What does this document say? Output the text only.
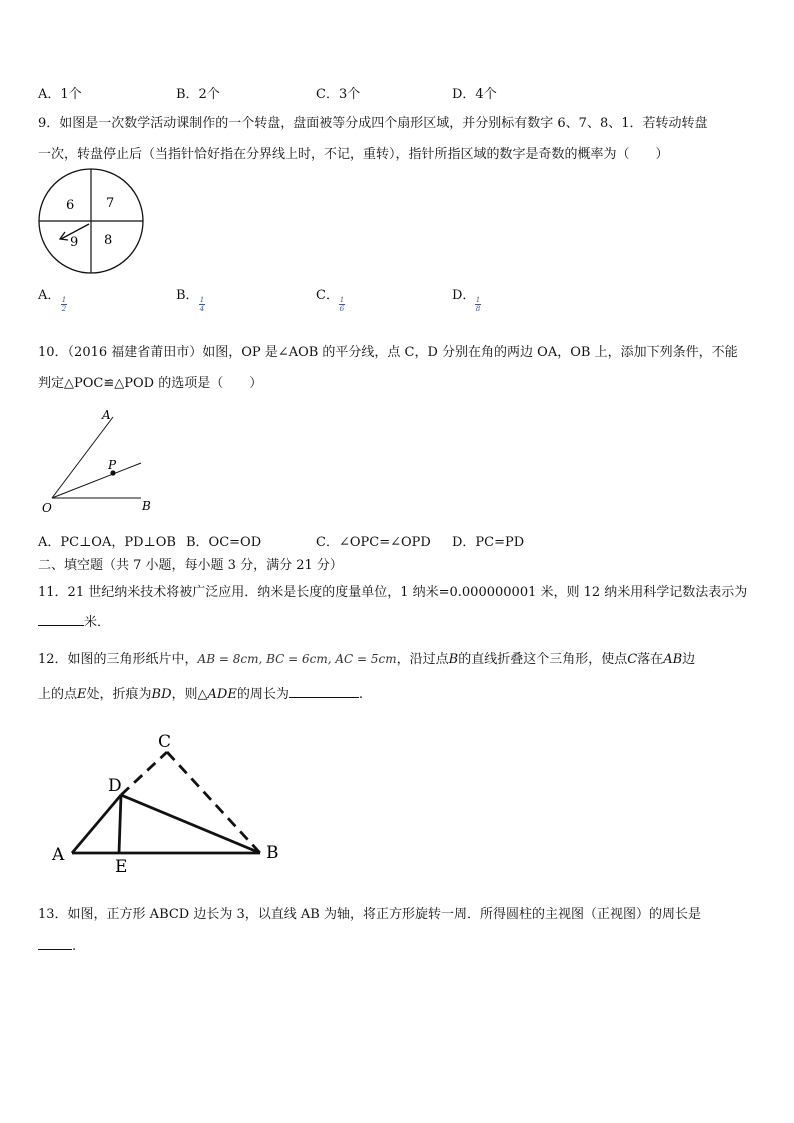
A．1个	B．2个	C．3个	D．4个
9．如图是一次数学活动课制作的一个转盘，盘面被等分成四个扇形区域，并分别标有数字 6、7、8、1．若转动转盘
一次，转盘停止后（当指针恰好指在分界线上时，不记，重转），指针所指区域的数字是奇数的概率为（　　）
6 7
9 8
A． 1
2
B． 1
4
C． 1
6
D． 1
8
10．（2016 福建省莆田市）如图，OP 是∠AOB 的平分线，点 C，D 分别在角的两边 OA，OB 上，添加下列条件，不能
判定△POC≌△POD 的选项是（　　）
A
P
O	B
A．PC⊥OA，PD⊥OB B．OC=OD	C．∠OPC=∠OPD D．PC=PD
二、填空题（共 7 小题，每小题 3 分，满分 21 分）
11．21 世纪纳米技术将被广泛应用．纳米是长度的度量单位，1 纳米=0.000000001 米，则 12 纳米用科学记数法表示为
米．
12．如图的三角形纸片中，AB = 8cm, BC = 6cm, AC = 5cm，沿过点B的直线折叠这个三角形，使点C落在AB边
上的点E处，折痕为BD，则△ADE的周长为	.
C
D
A	B
E
13．如图，正方形 ABCD 边长为 3，以直线 AB 为轴，将正方形旋转一周．所得圆柱的主视图（正视图）的周长是
.
